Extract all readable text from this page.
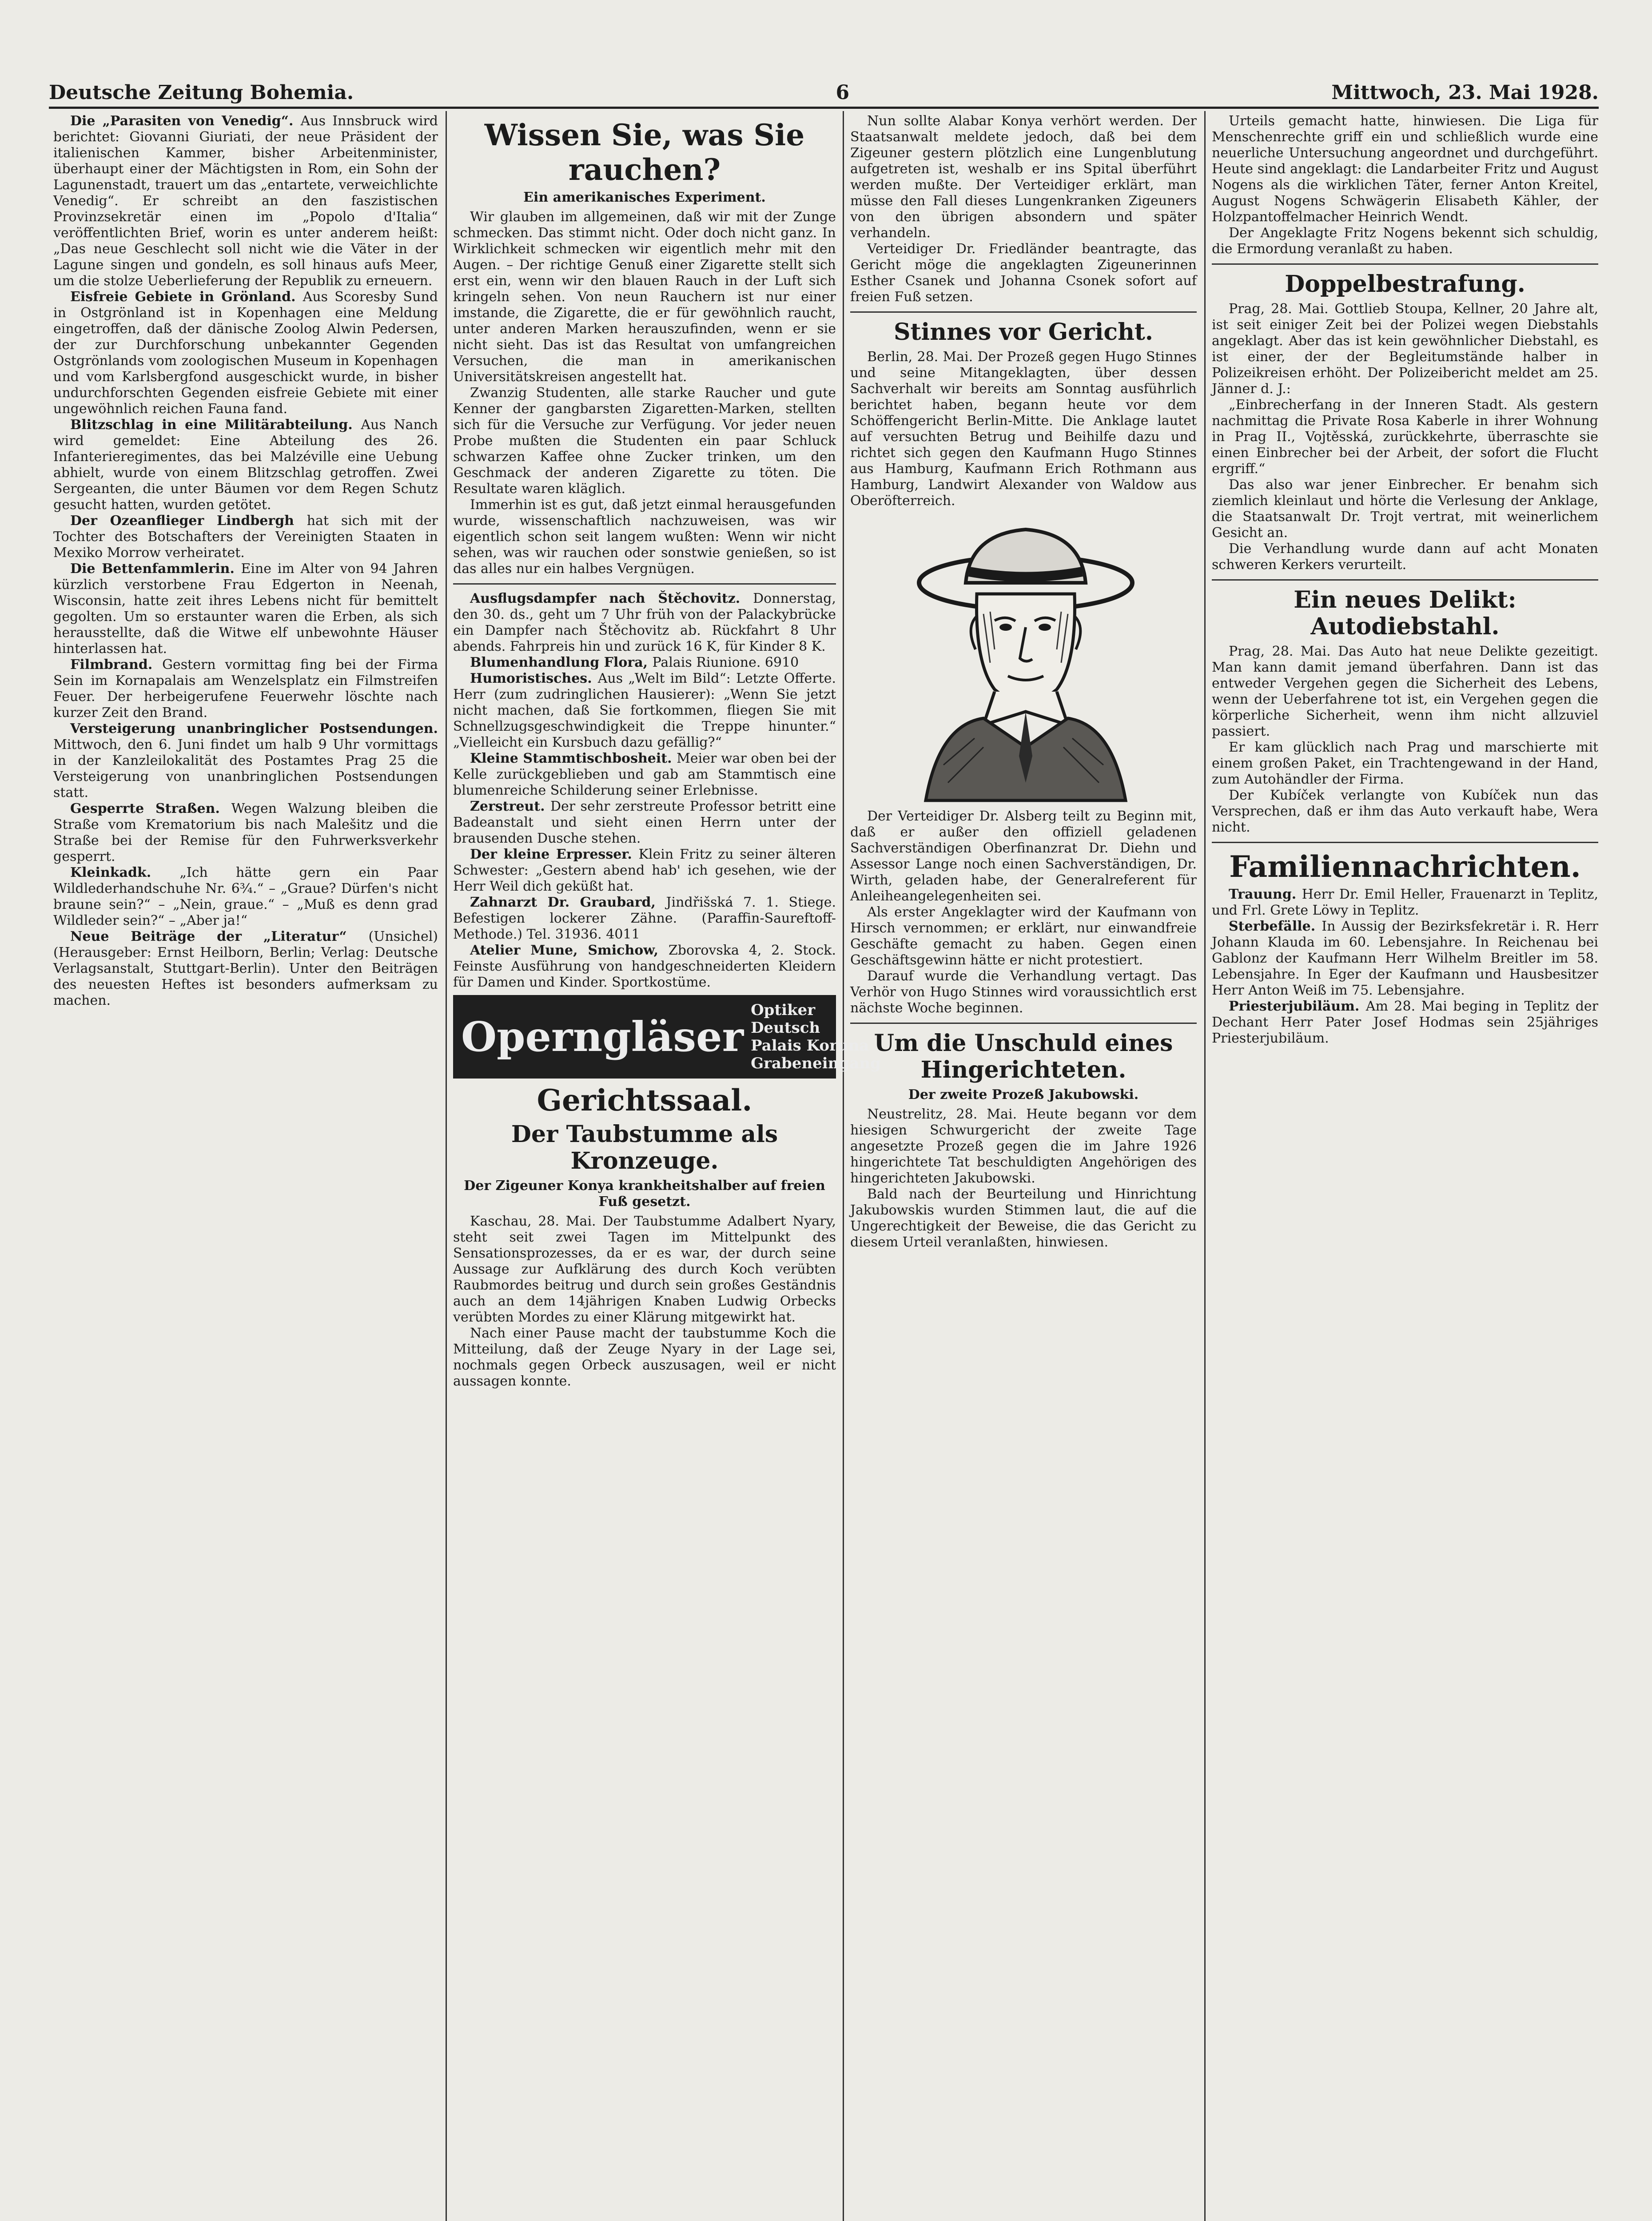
Deutsche Zeitung Bohemia.	6	Mittwoch, 23. Mai 1928.

Die „Parasiten von Venedig“. Aus Innsbruck wird berichtet: Giovanni Giuriati, der neue Präsident der italienischen Kammer, bisher Arbeitenminister, überhaupt einer der Mächtigsten in Rom, ein Sohn der Lagunenstadt, trauert um das „entartete, verweichlichte Venedig“. Er schreibt an den faszistischen Provinzsekretär einen im „Popolo d'Italia“ veröffentlichten Brief, worin es unter anderem heißt: „Das neue Geschlecht soll nicht wie die Väter in der Lagune singen und gondeln, es soll hinaus aufs Meer, um die stolze Ueberlieferung der Republik zu erneuern.

Eisfreie Gebiete in Grönland. Aus Scoresby Sund in Ostgrönland ist in Kopenhagen eine Meldung eingetroffen, daß der dänische Zoolog Alwin Pedersen, der zur Durchforschung unbekannter Gegenden Ostgrönlands vom zoologischen Museum in Kopenhagen und vom Karlsbergfond ausgeschickt wurde, in bisher undurchforschten Gegenden eisfreie Gebiete mit einer ungewöhnlich reichen Fauna fand.

Blitzschlag in eine Militärabteilung. Aus Nanch wird gemeldet: Eine Abteilung des 26. Infanterieregimentes, das bei Malzéville eine Uebung abhielt, wurde von einem Blitzschlag getroffen. Zwei Sergeanten, die unter Bäumen vor dem Regen Schutz gesucht hatten, wurden getötet.

Der Ozeanflieger Lindbergh hat sich mit der Tochter des Botschafters der Vereinigten Staaten in Mexiko Morrow verheiratet.

Die Bettenfammlerin. Eine im Alter von 94 Jahren kürzlich verstorbene Frau Edgerton in Neenah, Wisconsin, hatte zeit ihres Lebens nicht für bemittelt gegolten. Um so erstaunter waren die Erben, als sich herausstellte, daß die Witwe elf unbewohnte Häuser hinterlassen hat.

Filmbrand. Gestern vormittag fing bei der Firma Sein im Kornapalais am Wenzelsplatz ein Filmstreifen Feuer. Der herbeigerufene Feuerwehr löschte nach kurzer Zeit den Brand.

Versteigerung unanbringlicher Postsendungen. Mittwoch, den 6. Juni findet um halb 9 Uhr vormittags in der Kanzleilokalität des Postamtes Prag 25 die Versteigerung von unanbringlichen Postsendungen statt.

Gesperrte Straßen. Wegen Walzung bleiben die Straße vom Krematorium bis nach Malešitz und die Straße bei der Remise für den Fuhrwerksverkehr gesperrt.

Kleinkadk. „Ich hätte gern ein Paar Wildlederhandschuhe Nr. 6¾.“ – „Graue? Dürfen's nicht braune sein?“ – „Nein, graue.“ – „Muß es denn grad Wildleder sein?“ – „Aber ja!“

Neue Beiträge der „Literatur“ (Unsichel) (Herausgeber: Ernst Heilborn, Berlin; Verlag: Deutsche Verlagsanstalt, Stuttgart-Berlin). Unter den Beiträgen des neuesten Heftes ist besonders aufmerksam zu machen.

Wissen Sie, was Sie rauchen?
Ein amerikanisches Experiment.

Wir glauben im allgemeinen, daß wir mit der Zunge schmecken. Das stimmt nicht. Oder doch nicht ganz. In Wirklichkeit schmecken wir eigentlich mehr mit den Augen. – Der richtige Genuß einer Zigarette stellt sich erst ein, wenn wir den blauen Rauch in der Luft sich kringeln sehen. Von neun Rauchern ist nur einer imstande, die Zigarette, die er für gewöhnlich raucht, unter anderen Marken herauszufinden, wenn er sie nicht sieht. Das ist das Resultat von umfangreichen Versuchen, die man in amerikanischen Universitätskreisen angestellt hat.

Zwanzig Studenten, alle starke Raucher und gute Kenner der gangbarsten Zigaretten-Marken, stellten sich für die Versuche zur Verfügung. Vor jeder neuen Probe mußten die Studenten ein paar Schluck schwarzen Kaffee ohne Zucker trinken, um den Geschmack der anderen Zigarette zu töten. Die Resultate waren kläglich.

Immerhin ist es gut, daß jetzt einmal herausgefunden wurde, wissenschaftlich nachzuweisen, was wir eigentlich schon seit langem wußten: Wenn wir nicht sehen, was wir rauchen oder sonstwie genießen, so ist das alles nur ein halbes Vergnügen.

Ausflugsdampfer nach Štěchovitz. Donnerstag, den 30. ds., geht um 7 Uhr früh von der Palackybrücke ein Dampfer nach Štěchovitz ab. Rückfahrt 8 Uhr abends. Fahrpreis hin und zurück 16 K, für Kinder 8 K.

Blumenhandlung Flora, Palais Riunione. 6910

Humoristisches. Aus „Welt im Bild“: Letzte Offerte. Herr (zum zudringlichen Hausierer): „Wenn Sie jetzt nicht machen, daß Sie fortkommen, fliegen Sie mit Schnellzugsgeschwindigkeit die Treppe hinunter.“ „Vielleicht ein Kursbuch dazu gefällig?“

Kleine Stammtischbosheit. Meier war oben bei der Kelle zurückgeblieben und gab am Stammtisch eine blumenreiche Schilderung seiner Erlebnisse.

Zerstreut. Der sehr zerstreute Professor betritt eine Badeanstalt und sieht einen Herrn unter der brausenden Dusche stehen.

Der kleine Erpresser. Klein Fritz zu seiner älteren Schwester: „Gestern abend hab' ich gesehen, wie der Herr Weil dich geküßt hat.

Zahnarzt Dr. Graubard, Jindřišská 7. 1. Stiege. Befestigen lockerer Zähne. (Paraffin-Saureftoff-Methode.) Tel. 31936. 4011

Atelier Mune, Smichow, Zborovska 4, 2. Stock. Feinste Ausführung von handgeschneiderten Kleidern für Damen und Kinder. Sportkostüme.

Operngläser
Optiker Deutsch
Palais Koruna
Grabeneingang
Gerichtssaal.
Der Taubstumme als Kronzeuge.
Der Zigeuner Konya krankheitshalber auf freien Fuß gesetzt.

Kaschau, 28. Mai. Der Taubstumme Adalbert Nyary, steht seit zwei Tagen im Mittelpunkt des Sensationsprozesses, da er es war, der durch seine Aussage zur Aufklärung des durch Koch verübten Raubmordes beitrug und durch sein großes Geständnis auch an dem 14jährigen Knaben Ludwig Orbecks verübten Mordes zu einer Klärung mitgewirkt hat.

Nach einer Pause macht der taubstumme Koch die Mitteilung, daß der Zeuge Nyary in der Lage sei, nochmals gegen Orbeck auszusagen, weil er nicht aussagen konnte.

Nun sollte Alabar Konya verhört werden. Der Staatsanwalt meldete jedoch, daß bei dem Zigeuner gestern plötzlich eine Lungenblutung aufgetreten ist, weshalb er ins Spital überführt werden mußte. Der Verteidiger erklärt, man müsse den Fall dieses Lungenkranken Zigeuners von den übrigen absondern und später verhandeln.

Verteidiger Dr. Friedländer beantragte, das Gericht möge die angeklagten Zigeunerinnen Esther Csanek und Johanna Csonek sofort auf freien Fuß setzen.

Stinnes vor Gericht.

Berlin, 28. Mai. Der Prozeß gegen Hugo Stinnes und seine Mitangeklagten, über dessen Sachverhalt wir bereits am Sonntag ausführlich berichtet haben, begann heute vor dem Schöffengericht Berlin-Mitte. Die Anklage lautet auf versuchten Betrug und Beihilfe dazu und richtet sich gegen den Kaufmann Hugo Stinnes aus Hamburg, Kaufmann Erich Rothmann aus Hamburg, Landwirt Alexander von Waldow aus Oberöfterreich.

Der Verteidiger Dr. Alsberg teilt zu Beginn mit, daß er außer den offiziell geladenen Sachverständigen Oberfinanzrat Dr. Diehn und Assessor Lange noch einen Sachverständigen, Dr. Wirth, geladen habe, der Generalreferent für Anleiheangelegenheiten sei.

Als erster Angeklagter wird der Kaufmann von Hirsch vernommen; er erklärt, nur einwandfreie Geschäfte gemacht zu haben. Gegen einen Geschäftsgewinn hätte er nicht protestiert.

Darauf wurde die Verhandlung vertagt. Das Verhör von Hugo Stinnes wird voraussichtlich erst nächste Woche beginnen.

Um die Unschuld eines Hingerichteten.
Der zweite Prozeß Jakubowski.

Neustrelitz, 28. Mai. Heute begann vor dem hiesigen Schwurgericht der zweite Tage angesetzte Prozeß gegen die im Jahre 1926 hingerichtete Tat beschuldigten Angehörigen des hingerichteten Jakubowski.

Bald nach der Beurteilung und Hinrichtung Jakubowskis wurden Stimmen laut, die auf die Ungerechtigkeit der Beweise, die das Gericht zu diesem Urteil veranlaßten, hinwiesen.

Urteils gemacht hatte, hinwiesen. Die Liga für Menschenrechte griff ein und schließlich wurde eine neuerliche Untersuchung angeordnet und durchgeführt. Heute sind angeklagt: die Landarbeiter Fritz und August Nogens als die wirklichen Täter, ferner Anton Kreitel, August Nogens Schwägerin Elisabeth Kähler, der Holzpantoffelmacher Heinrich Wendt.

Der Angeklagte Fritz Nogens bekennt sich schuldig, die Ermordung veranlaßt zu haben.

Doppelbestrafung.

Prag, 28. Mai. Gottlieb Stoupa, Kellner, 20 Jahre alt, ist seit einiger Zeit bei der Polizei wegen Diebstahls angeklagt. Aber das ist kein gewöhnlicher Diebstahl, es ist einer, der der Begleitumstände halber in Polizeikreisen erhöht. Der Polizeibericht meldet am 25. Jänner d. J.:

„Einbrecherfang in der Inneren Stadt. Als gestern nachmittag die Private Rosa Kaberle in ihrer Wohnung in Prag II., Vojtěsská, zurückkehrte, überraschte sie einen Einbrecher bei der Arbeit, der sofort die Flucht ergriff.“

Das also war jener Einbrecher. Er benahm sich ziemlich kleinlaut und hörte die Verlesung der Anklage, die Staatsanwalt Dr. Trojt vertrat, mit weinerlichem Gesicht an.

Die Verhandlung wurde dann auf acht Monaten schweren Kerkers verurteilt.

Ein neues Delikt: Autodiebstahl.

Prag, 28. Mai. Das Auto hat neue Delikte gezeitigt. Man kann damit jemand überfahren. Dann ist das entweder Vergehen gegen die Sicherheit des Lebens, wenn der Ueberfahrene tot ist, ein Vergehen gegen die körperliche Sicherheit, wenn ihm nicht allzuviel passiert.

Er kam glücklich nach Prag und marschierte mit einem großen Paket, ein Trachtengewand in der Hand, zum Autohändler der Firma.

Der Kubíček verlangte von Kubíček nun das Versprechen, daß er ihm das Auto verkauft habe, Wera nicht.

Familiennachrichten.

Trauung. Herr Dr. Emil Heller, Frauenarzt in Teplitz, und Frl. Grete Löwy in Teplitz.

Sterbefälle. In Aussig der Bezirksfekretär i. R. Herr Johann Klauda im 60. Lebensjahre. In Reichenau bei Gablonz der Kaufmann Herr Wilhelm Breitler im 58. Lebensjahre. In Eger der Kaufmann und Hausbesitzer Herr Anton Weiß im 75. Lebensjahre.

Priesterjubiläum. Am 28. Mai beging in Teplitz der Dechant Herr Pater Josef Hodmas sein 25jähriges Priesterjubiläum.
